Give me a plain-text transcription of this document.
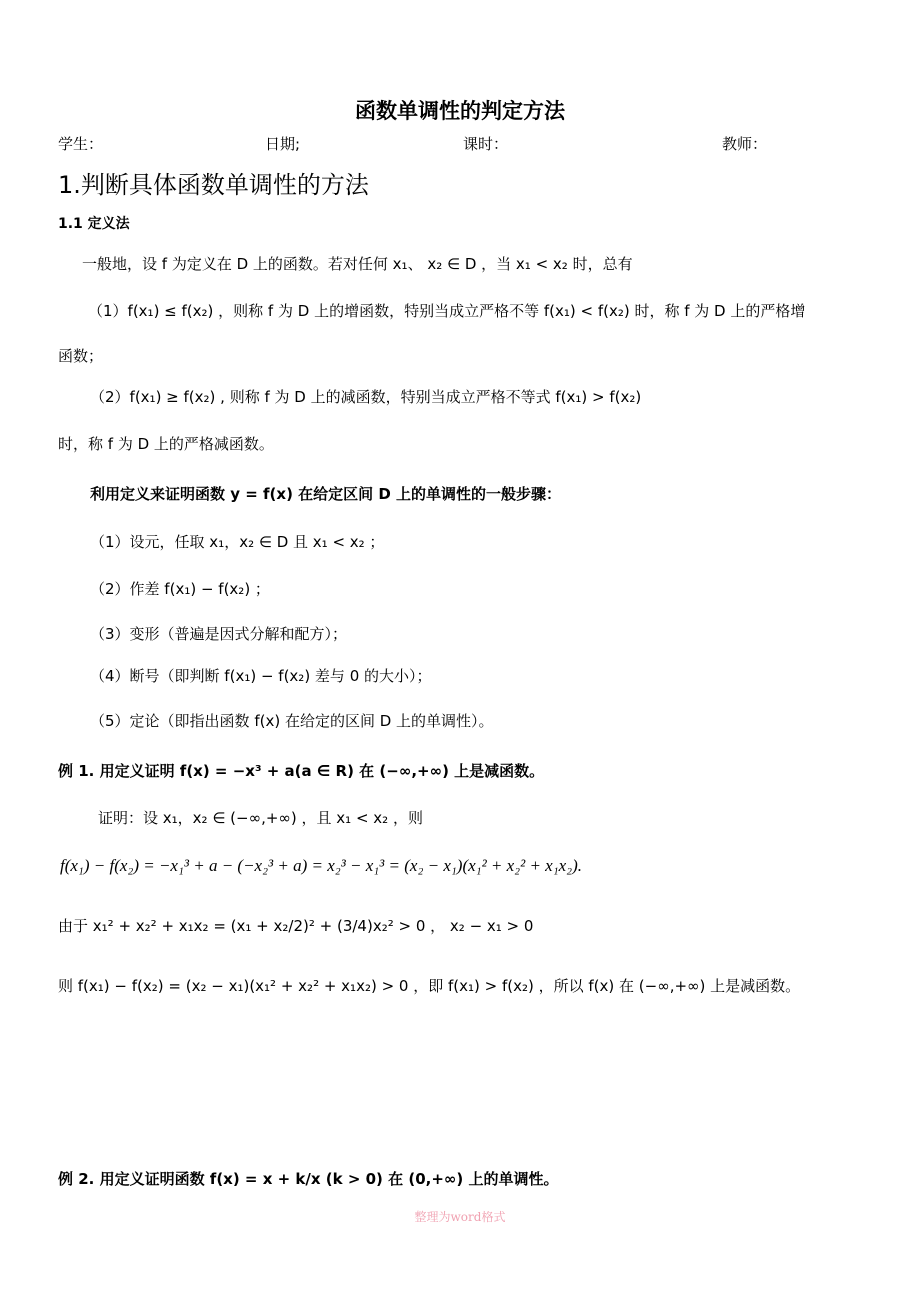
函数单调性的判定方法
学生：	日期;	课时：	教师：
1.判断具体函数单调性的方法
1.1 定义法
一般地，设 f 为定义在 D 上的函数。若对任何 x₁、 x₂ ∈ D ，当 x₁ < x₂ 时，总有
（1）f(x₁) ≤ f(x₂) ，则称 f 为 D 上的增函数，特别当成立严格不等 f(x₁) < f(x₂) 时，称 f 为 D 上的严格增
函数；
（2）f(x₁) ≥ f(x₂) , 则称 f 为 D 上的减函数，特别当成立严格不等式 f(x₁) > f(x₂)
时，称 f 为 D 上的严格减函数。
利用定义来证明函数 y = f(x) 在给定区间 D 上的单调性的一般步骤：
（1）设元，任取 x₁，x₂ ∈ D 且 x₁ < x₂ ；
（2）作差 f(x₁) − f(x₂) ；
（3）变形（普遍是因式分解和配方）；
（4）断号（即判断 f(x₁) − f(x₂) 差与 0 的大小）；
（5）定论（即指出函数 f(x) 在给定的区间 D 上的单调性）。
例 1. 用定义证明 f(x) = −x³ + a(a ∈ R) 在 (−∞,+∞) 上是减函数。
证明：设 x₁，x₂ ∈ (−∞,+∞) ，且 x₁ < x₂ ，则
f(x₁) − f(x₂) = −x₁³ + a − (−x₂³ + a) = x₂³ − x₁³ = (x₂ − x₁)(x₁² + x₂² + x₁x₂).
由于 x₁² + x₂² + x₁x₂ = (x₁ + x₂/2)² + (3/4)x₂² > 0 ， x₂ − x₁ > 0
则 f(x₁) − f(x₂) = (x₂ − x₁)(x₁² + x₂² + x₁x₂) > 0 ，即 f(x₁) > f(x₂) ，所以 f(x) 在 (−∞,+∞) 上是减函数。
例 2. 用定义证明函数 f(x) = x + k/x (k > 0) 在 (0,+∞) 上的单调性。
整理为word格式
